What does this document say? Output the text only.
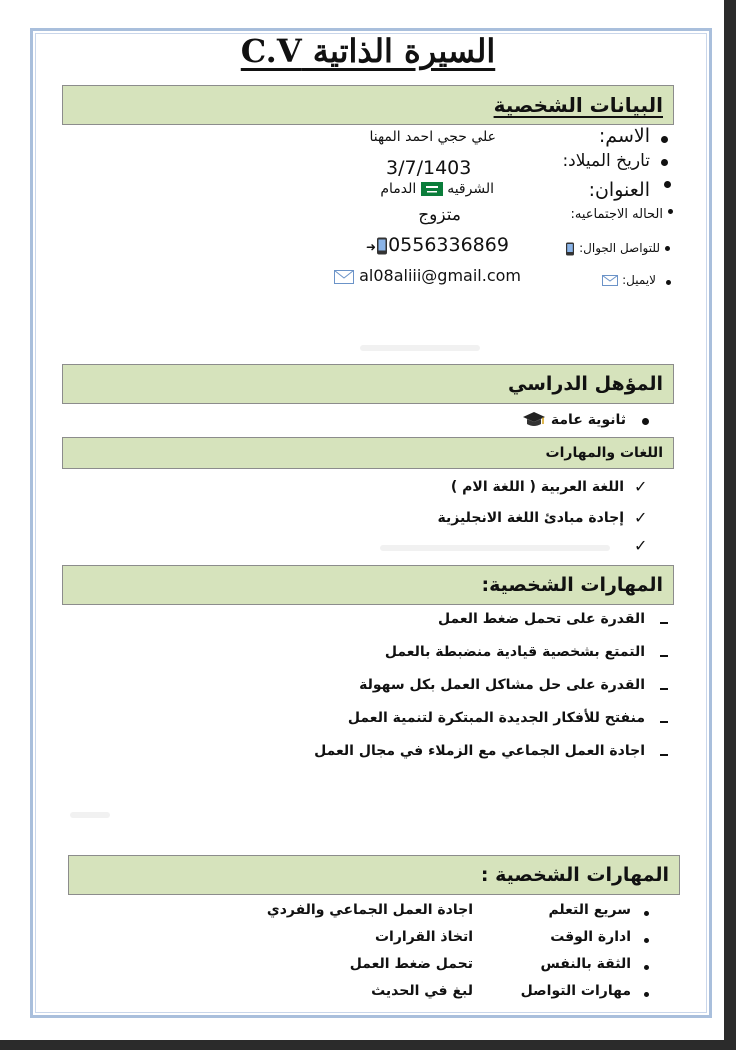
السيرة الذاتية C.V
البيانات الشخصية
الاسم:
علي حجي احمد المهنا
تاريخ الميلاد:
3/7/1403
العنوان:
الشرقيه  الدمام
الحاله الاجتماعيه:
متزوج
للتواصل الجوال:
➜ 0556336869
لايميل:
al08aliii@gmail.com
المؤهل الدراسي
ثانوية عامة
اللغات والمهارات
✓
اللغة العربية ( اللغة الام )
✓
إجادة مبادئ اللغة الانجليزية
✓
المهارات الشخصية:
القدرة على تحمل ضغط العمل
التمتع بشخصية قيادية منضبطة بالعمل
القدرة على حل مشاكل العمل بكل سهولة
منفتح للأفكار الجديدة المبتكرة لتنمية العمل
اجادة العمل الجماعي مع الزملاء في مجال العمل
المهارات الشخصية :
سريع التعلم
اجادة العمل الجماعي والفردي
ادارة الوقت
اتخاذ القرارات
الثقة بالنفس
تحمل ضغط العمل
مهارات التواصل
لبغ في الحديث
